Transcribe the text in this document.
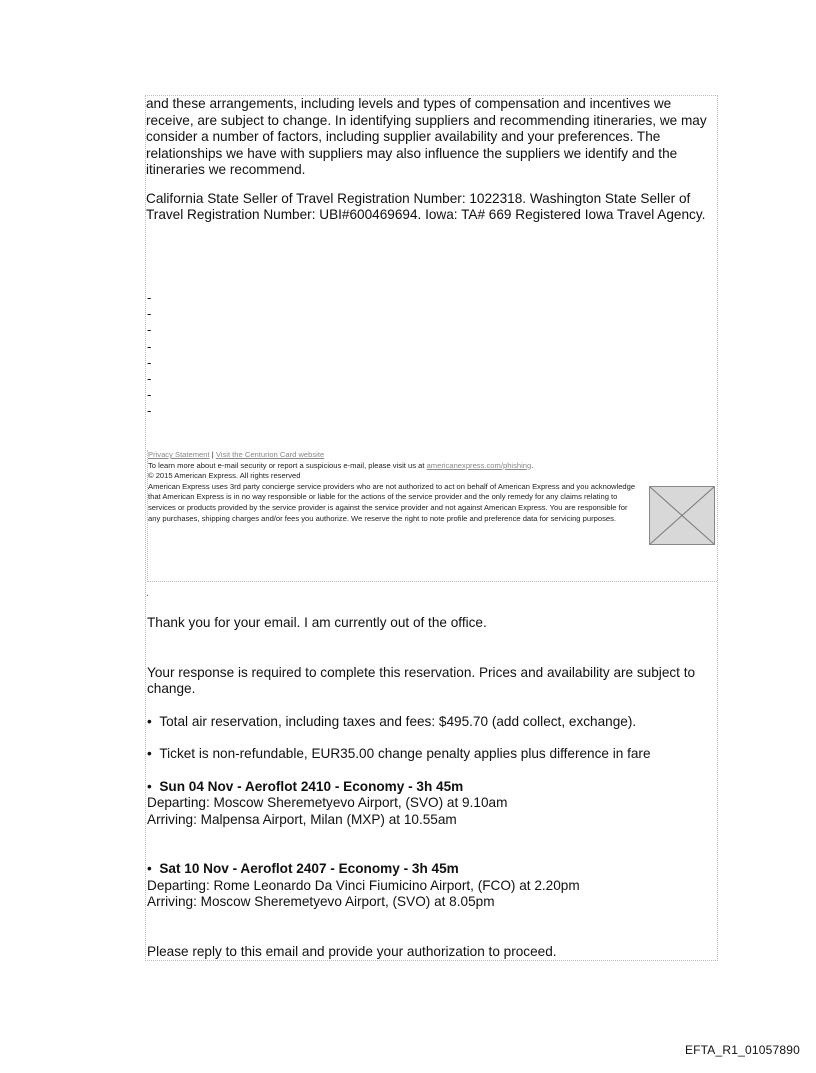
and these arrangements, including levels and types of compensation and incentives we receive, are subject to change. In identifying suppliers and recommending itineraries, we may consider a number of factors, including supplier availability and your preferences. The relationships we have with suppliers may also influence the suppliers we identify and the itineraries we recommend.

California State Seller of Travel Registration Number: 1022318. Washington State Seller of Travel Registration Number: UBI#600469694. Iowa: TA# 669 Registered Iowa Travel Agency.

-
-
-
-
-
-
-
-
Privacy Statement | Visit the Centurion Card website
To learn more about e-mail security or report a suspicious e-mail, please visit us at americanexpress.com/phishing.
© 2015 American Express. All rights reserved
American Express uses 3rd party concierge service providers who are not authorized to act on behalf of American Express and you acknowledge that American Express is in no way responsible or liable for the actions of the service provider and the only remedy for any claims relating to services or products provided by the service provider is against the service provider and not against American Express. You are responsible for any purchases, shipping charges and/or fees you authorize. We reserve the right to note profile and preference data for servicing purposes.
.

Thank you for your email. I am currently out of the office.

Your response is required to complete this reservation. Prices and availability are subject to change.

•  Total air reservation, including taxes and fees: $495.70 (add collect, exchange).

•  Ticket is non-refundable, EUR35.00 change penalty applies plus difference in fare

•  Sun 04 Nov - Aeroflot 2410 - Economy - 3h 45m

Departing: Moscow Sheremetyevo Airport, (SVO) at 9.10am

Arriving: Malpensa Airport, Milan (MXP) at 10.55am

•  Sat 10 Nov - Aeroflot 2407 - Economy - 3h 45m

Departing: Rome Leonardo Da Vinci Fiumicino Airport, (FCO) at 2.20pm

Arriving: Moscow Sheremetyevo Airport, (SVO) at 8.05pm

Please reply to this email and provide your authorization to proceed.

EFTA_R1_01057890
